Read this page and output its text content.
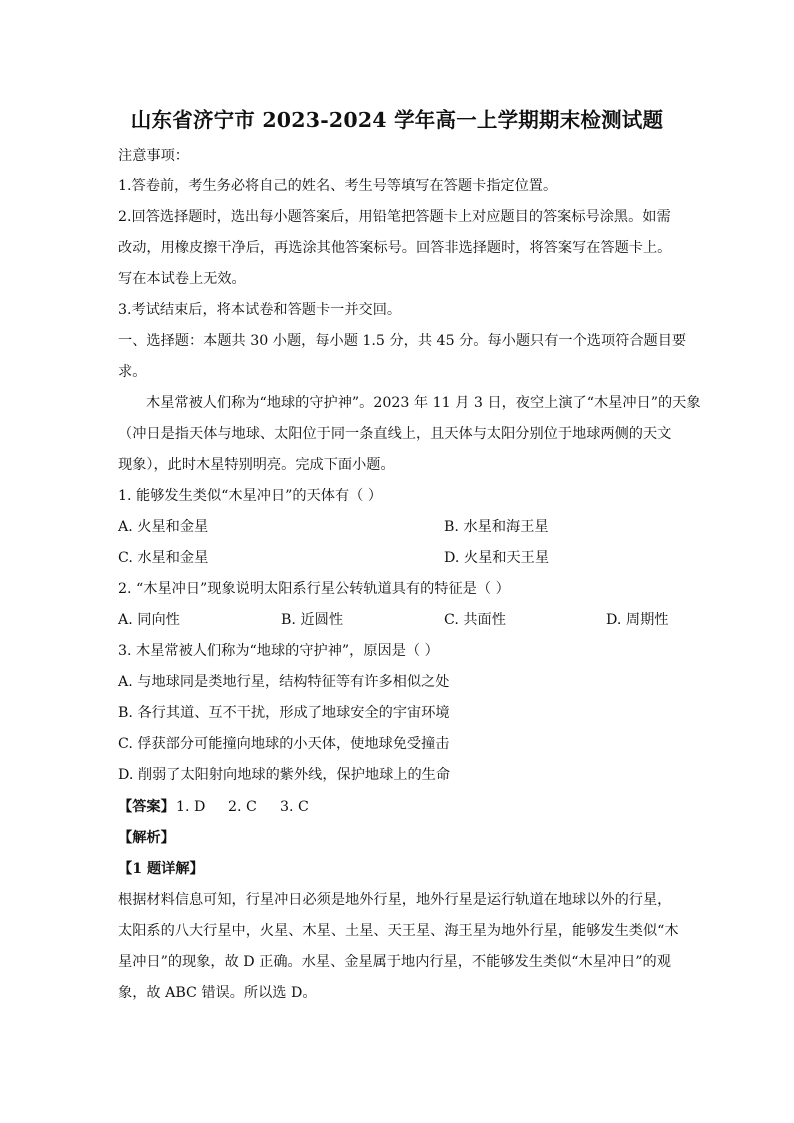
山东省济宁市 2023-2024 学年高一上学期期末检测试题
注意事项：
1.答卷前，考生务必将自己的姓名、考生号等填写在答题卡指定位置。
2.回答选择题时，选出每小题答案后，用铅笔把答题卡上对应题目的答案标号涂黑。如需
改动，用橡皮擦干净后，再选涂其他答案标号。回答非选择题时，将答案写在答题卡上。
写在本试卷上无效。
3.考试结束后，将本试卷和答题卡一并交回。
一、选择题：本题共 30 小题，每小题 1.5 分，共 45 分。每小题只有一个选项符合题目要
求。
木星常被人们称为“地球的守护神”。2023 年 11 月 3 日，夜空上演了“木星冲日”的天象
（冲日是指天体与地球、太阳位于同一条直线上，且天体与太阳分别位于地球两侧的天文
现象），此时木星特别明亮。完成下面小题。
1. 能够发生类似“木星冲日”的天体有（ ）
A. 火星和金星	B. 水星和海王星
C. 水星和金星	D. 火星和天王星
2. “木星冲日”现象说明太阳系行星公转轨道具有的特征是（ ）
A. 同向性	B. 近圆性	C. 共面性	D. 周期性
3. 木星常被人们称为“地球的守护神”，原因是（ ）
A. 与地球同是类地行星，结构特征等有许多相似之处
B. 各行其道、互不干扰，形成了地球安全的宇宙环境
C. 俘获部分可能撞向地球的小天体，使地球免受撞击
D. 削弱了太阳射向地球的紫外线，保护地球上的生命
【答案】 1. D 2. C 3. C
【解析】
【1 题详解】
根据材料信息可知，行星冲日必须是地外行星，地外行星是运行轨道在地球以外的行星，
太阳系的八大行星中，火星、木星、土星、天王星、海王星为地外行星，能够发生类似“木
星冲日”的现象，故 D 正确。水星、金星属于地内行星，不能够发生类似“木星冲日”的观
象，故 ABC 错误。所以选 D。
